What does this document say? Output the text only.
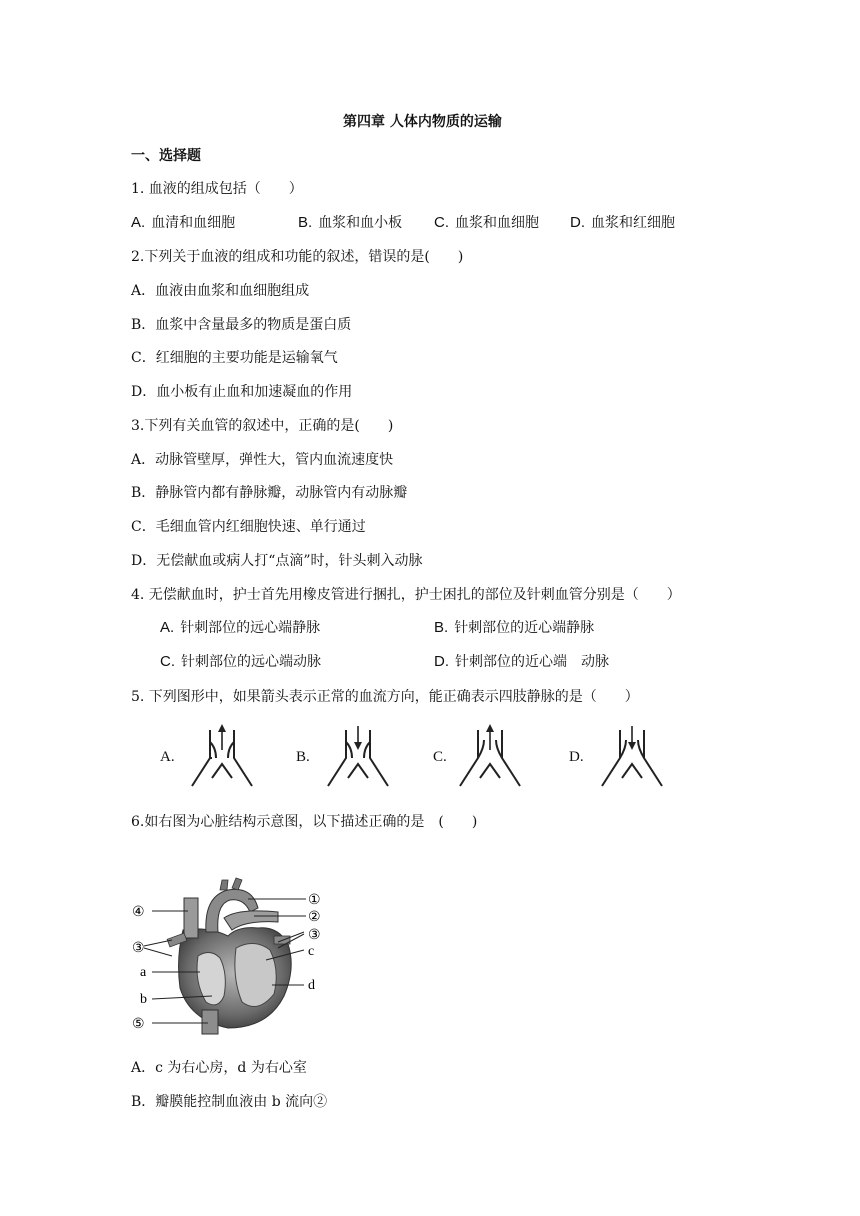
第四章 人体内物质的运输
一、选择题
1. 血液的组成包括（　　）
A. 血清和血细胞	B. 血浆和血小板 C. 血浆和血细胞 D. 血浆和红细胞
2.下列关于血液的组成和功能的叙述，错误的是(　　)
A．血液由血浆和血细胞组成
B．血浆中含量最多的物质是蛋白质
C．红细胞的主要功能是运输氧气
D．血小板有止血和加速凝血的作用
3.下列有关血管的叙述中，正确的是(　　)
A．动脉管壁厚，弹性大，管内血流速度快
B．静脉管内都有静脉瓣，动脉管内有动脉瓣
C．毛细血管内红细胞快速、单行通过
D．无偿献血或病人打“点滴”时，针头刺入动脉
4. 无偿献血时，护士首先用橡皮管进行捆扎，护士困扎的部位及针刺血管分别是（　　）
A. 针刺部位的远心端静脉	B. 针刺部位的近心端静脉
C. 针刺部位的远心端动脉	D. 针刺部位的近心端　动脉
5. 下列图形中，如果箭头表示正常的血流方向，能正确表示四肢静脉的是（　　）
A.	B.	C.	D.
6.如右图为心脏结构示意图，以下描述正确的是　(　　)
①
②
③
c
d
④
③
a
b
⑤
A．c 为右心房，d 为右心室
B．瓣膜能控制血液由 b 流向②
